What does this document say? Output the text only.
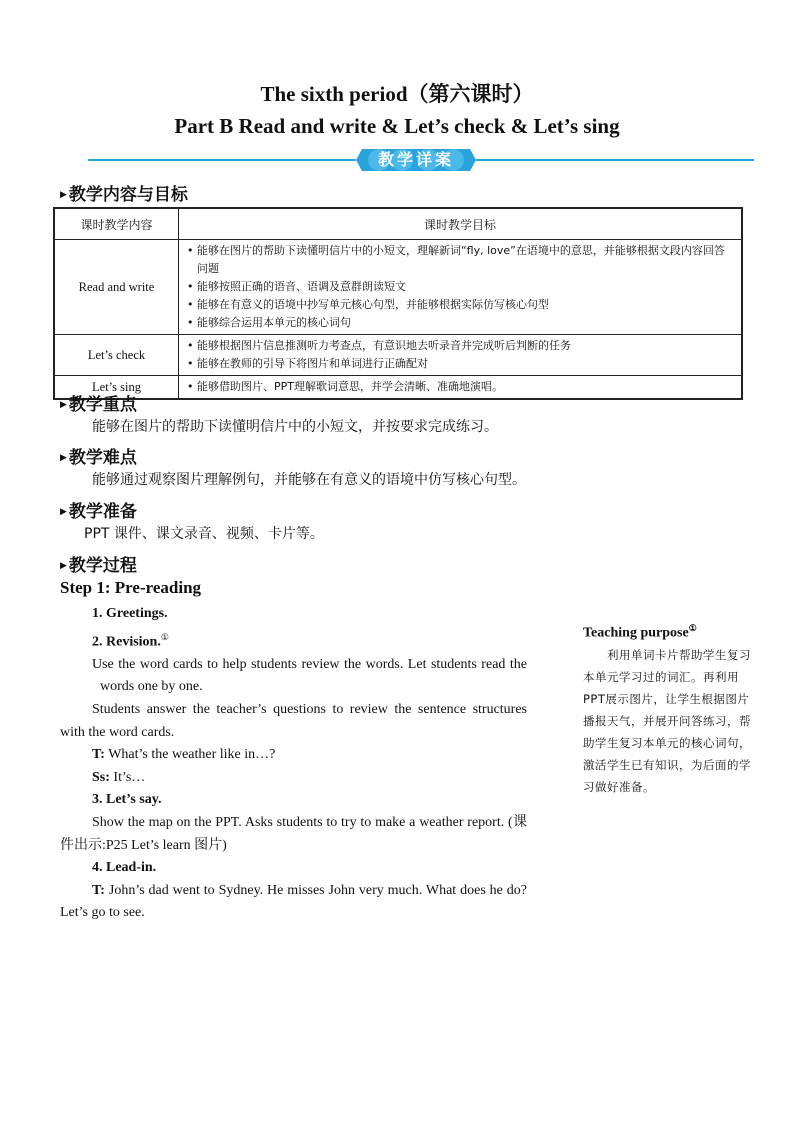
The sixth period（第六课时）
Part B Read and write & Let’s check & Let’s sing
教学详案
▶ 教学内容与目标
课时教学内容	课时教学目标
Read and write	• 能够在图片的帮助下读懂明信片中的小短文，理解新词“fly, love”在语境中的意思，并能够根据文段内容回答问题
• 能够按照正确的语音、语调及意群朗读短文
• 能够在有意义的语境中抄写单元核心句型，并能够根据实际仿写核心句型
• 能够综合运用本单元的核心词句

Let’s check	• 能够根据图片信息推测听力考查点，有意识地去听录音并完成听后判断的任务
• 能够在教师的引导下将图片和单词进行正确配对

Let’s sing	• 能够借助图片、PPT理解歌词意思，并学会清晰、准确地演唱。
▶ 教学重点
能够在图片的帮助下读懂明信片中的小短文，并按要求完成练习。
▶ 教学难点
能够通过观察图片理解例句，并能够在有意义的语境中仿写核心句型。
▶ 教学准备
PPT 课件、课文录音、视频、卡片等。
▶ 教学过程
Step 1: Pre-reading

1. Greetings.

2. Revision.①

Use the word cards to help students review the words. Let students read the words one by one.

Students answer the teacher’s questions to review the sentence structures with the word cards.

T: What’s the weather like in…?

Ss: It’s…

3. Let’s say.

Show the map on the PPT. Asks students to try to make a weather report. (课件出示:P25 Let’s learn 图片)

4. Lead-in.

T: John’s dad went to Sydney. He misses John very much. What does he do? Let’s go to see.

Teaching purpose①
利用单词卡片帮助学生复习本单元学习过的词汇。再利用PPT展示图片，让学生根据图片播报天气，并展开问答练习，帮助学生复习本单元的核心词句，激活学生已有知识，为后面的学习做好准备。
